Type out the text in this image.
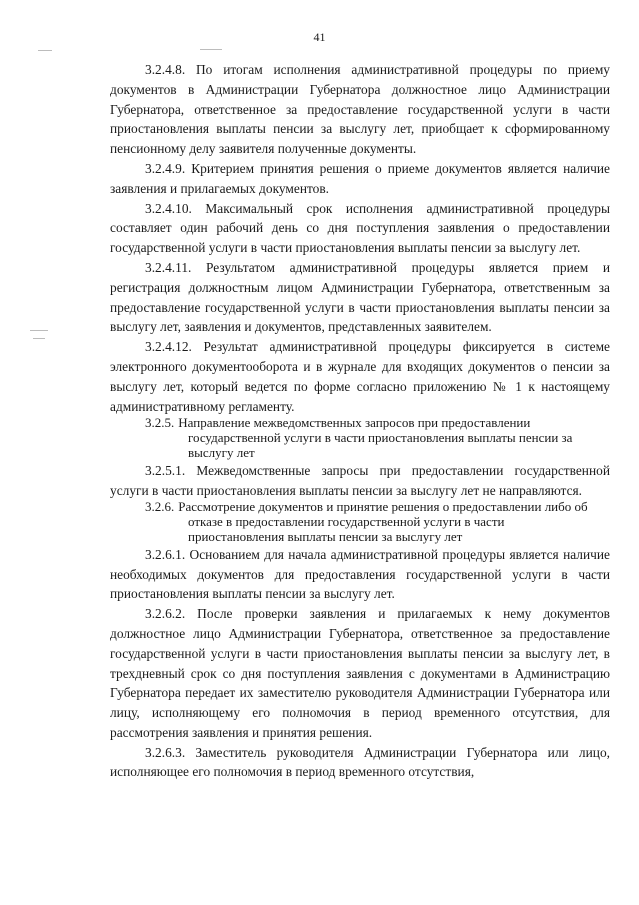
41

3.2.4.8. По итогам исполнения административной процедуры по приему документов в Администрации Губернатора должностное лицо Администрации Губернатора, ответственное за предоставление государственной услуги в части приостановления выплаты пенсии за выслугу лет, приобщает к сформированному пенсионному делу заявителя полученные документы.

3.2.4.9. Критерием принятия решения о приеме документов является наличие заявления и прилагаемых документов.

3.2.4.10. Максимальный срок исполнения административной процедуры составляет один рабочий день со дня поступления заявления о предоставлении государственной услуги в части приостановления выплаты пенсии за выслугу лет.

3.2.4.11. Результатом административной процедуры является прием и регистрация должностным лицом Администрации Губернатора, ответственным за предоставление государственной услуги в части приостановления выплаты пенсии за выслугу лет, заявления и документов, представленных заявителем.

3.2.4.12. Результат административной процедуры фиксируется в системе электронного документооборота и в журнале для входящих документов о пенсии за выслугу лет, который ведется по форме согласно приложению № 1 к настоящему административному регламенту.

3.2.5. Направление межведомственных запросов при предоставлении государственной услуги в части приостановления выплаты пенсии за выслугу лет

3.2.5.1. Межведомственные запросы при предоставлении государственной услуги в части приостановления выплаты пенсии за выслугу лет не направляются.

3.2.6. Рассмотрение документов и принятие решения о предоставлении либо об отказе в предоставлении государственной услуги в части приостановления выплаты пенсии за выслугу лет

3.2.6.1. Основанием для начала административной процедуры является наличие необходимых документов для предоставления государственной услуги в части приостановления выплаты пенсии за выслугу лет.

3.2.6.2. После проверки заявления и прилагаемых к нему документов должностное лицо Администрации Губернатора, ответственное за предоставление государственной услуги в части приостановления выплаты пенсии за выслугу лет, в трехдневный срок со дня поступления заявления с документами в Администрацию Губернатора передает их заместителю руководителя Администрации Губернатора или лицу, исполняющему его полномочия в период временного отсутствия, для рассмотрения заявления и принятия решения.

3.2.6.3. Заместитель руководителя Администрации Губернатора или лицо, исполняющее его полномочия в период временного отсутствия,
